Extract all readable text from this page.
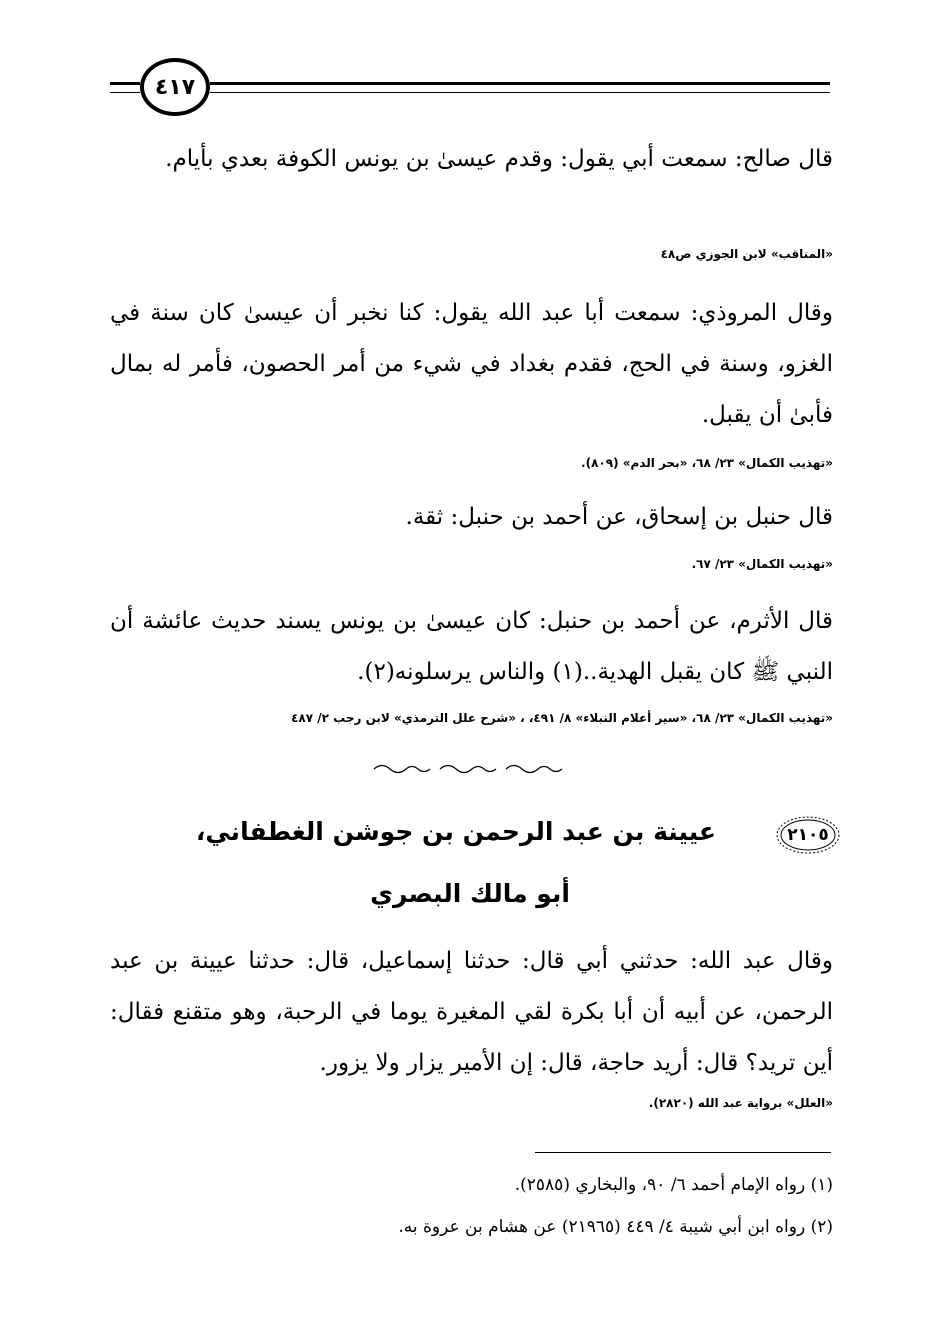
٤١٧
قال صالح: سمعت أبي يقول: وقدم عيسىٰ بن يونس الكوفة بعدي بأيام.
«المناقب» لابن الجوزي ص٤٨
وقال المروذي: سمعت أبا عبد الله يقول: كنا نخبر أن عيسىٰ كان سنة في الغزو، وسنة في الحج، فقدم بغداد في شيء من أمر الحصون، فأمر له بمال فأبىٰ أن يقبل.
«تهذيب الكمال» ٢٣/ ٦٨، «بحر الدم» (٨٠٩).
قال حنبل بن إسحاق، عن أحمد بن حنبل: ثقة.
«تهذيب الكمال» ٢٣/ ٦٧.
قال الأثرم، عن أحمد بن حنبل: كان عيسىٰ بن يونس يسند حديث عائشة أن النبي ﷺ كان يقبل الهدية..(١) والناس يرسلونه(٢).
«تهذيب الكمال» ٢٣/ ٦٨، «سير أعلام النبلاء» ٨/ ٤٩١، ، «شرح علل الترمذي» لابن رجب ٢/ ٤٨٧
٢١٠٥
عيينة بن عبد الرحمن بن جوشن الغطفاني،
أبو مالك البصري
وقال عبد الله: حدثني أبي قال: حدثنا إسماعيل، قال: حدثنا عيينة بن عبد الرحمن، عن أبيه أن أبا بكرة لقي المغيرة يوما في الرحبة، وهو متقنع فقال: أين تريد؟ قال: أريد حاجة، قال: إن الأمير يزار ولا يزور.
«العلل» برواية عبد الله (٢٨٢٠).
(١) رواه الإمام أحمد ٦/ ٩٠، والبخاري (٢٥٨٥).
(٢) رواه ابن أبي شيبة ٤/ ٤٤٩ (٢١٩٦٥) عن هشام بن عروة به.
